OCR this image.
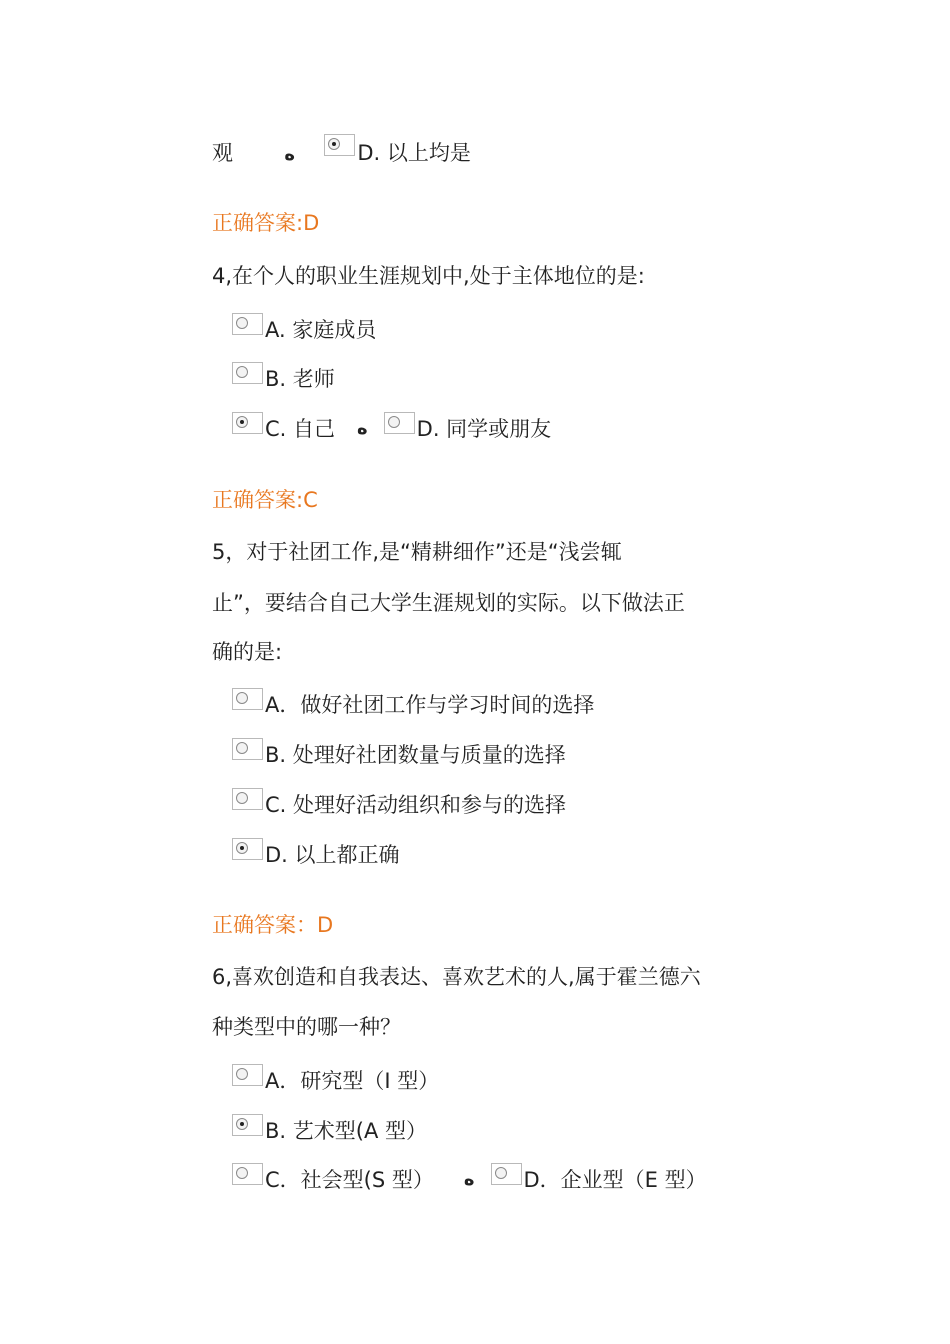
观	ه	D. 以上均是
正确答案:D
4,在个人的职业生涯规划中,处于主体地位的是:
A. 家庭成员
B. 老师
C. 自己 ه D. 同学或朋友
正确答案:C
5，对于社团工作,是“精耕细作”还是“浅尝辄
止”，要结合自己大学生涯规划的实际。以下做法正
确的是:
A．做好社团工作与学习时间的选择
B. 处理好社团数量与质量的选择
C. 处理好活动组织和参与的选择
D. 以上都正确
正确答案：D
6,喜欢创造和自我表达、喜欢艺术的人,属于霍兰德六
种类型中的哪一种？
A．研究型（I 型）
B. 艺术型(A 型）
C．社会型(S 型） ه D．企业型（E 型）
